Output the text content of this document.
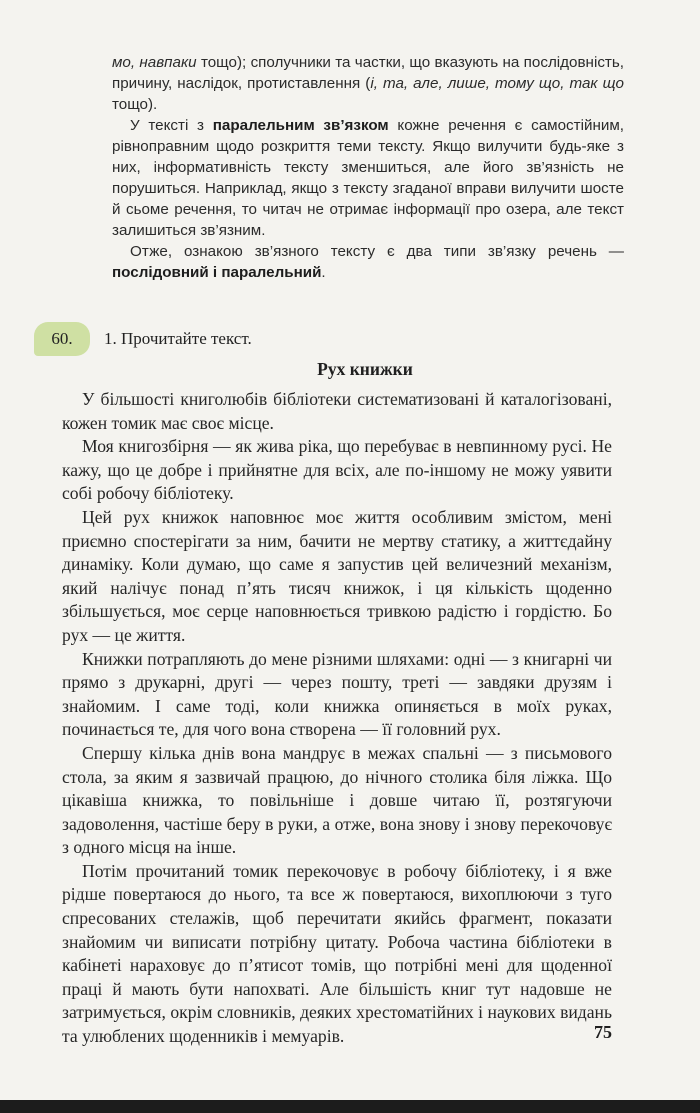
мо, навпаки тощо); сполучники та частки, що вказують на послідовність, причину, наслідок, протиставлення (і, та, але, лише, тому що, так що тощо).

У тексті з паралельним зв’язком кожне речення є самостійним, рівноправним щодо розкриття теми тексту. Якщо вилучити будь-яке з них, інформативність тексту зменшиться, але його зв’язність не порушиться. Наприклад, якщо з тексту згаданої вправи вилучити шосте й сьоме речення, то читач не отримає інформації про озера, але текст залишиться зв’язним.

Отже, ознакою зв’язного тексту є два типи зв’язку речень — послідовний і паралельний.

60.	1. Прочитайте текст.
Рух книжки

У більшості книголюбів бібліотеки систематизовані й каталогізовані, кожен томик має своє місце.

Моя книгозбірня — як жива ріка, що перебуває в невпинному русі. Не кажу, що це добре і прийнятне для всіх, але по-іншому не можу уявити собі робочу бібліотеку.

Цей рух книжок наповнює моє життя особливим змістом, мені приємно спостерігати за ним, бачити не мертву статику, а життєдайну динаміку. Коли думаю, що саме я запустив цей величезний механізм, який налічує понад п’ять тисяч книжок, і ця кількість щоденно збільшується, моє серце наповнюється тривкою радістю і гордістю. Бо рух — це життя.

Книжки потрапляють до мене різними шляхами: одні — з книгарні чи прямо з друкарні, другі — через пошту, треті — завдяки друзям і знайомим. І саме тоді, коли книжка опиняється в моїх руках, починається те, для чого вона створена — її головний рух.

Спершу кілька днів вона мандрує в межах спальні — з письмового стола, за яким я зазвичай працюю, до нічного столика біля ліжка. Що цікавіша книжка, то повільніше і довше читаю її, розтягуючи задоволення, частіше беру в руки, а отже, вона знову і знову перекочовує з одного місця на інше.

Потім прочитаний томик перекочовує в робочу бібліотеку, і я вже рідше повертаюся до нього, та все ж повертаюся, вихоплюючи з туго спресованих стелажів, щоб перечитати якийсь фрагмент, показати знайомим чи виписати потрібну цитату. Робоча частина бібліотеки в кабінеті нараховує до п’ятисот томів, що потрібні мені для щоденної праці й мають бути напохваті. Але більшість книг тут надовше не затримується, окрім словників, деяких хрестоматійних і наукових видань та улюблених щоденників і мемуарів.	75
